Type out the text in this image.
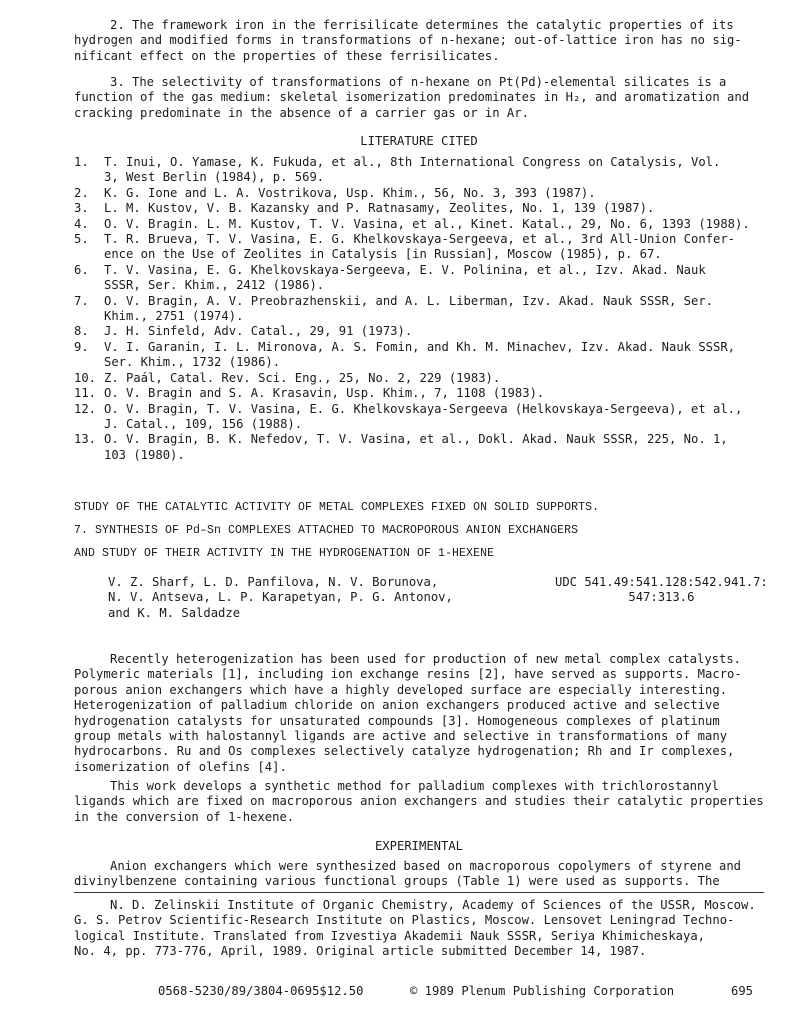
2. The framework iron in the ferrisilicate determines the catalytic properties of its
hydrogen and modified forms in transformations of n-hexane; out-of-lattice iron has no sig-
nificant effect on the properties of these ferrisilicates.

3. The selectivity of transformations of n-hexane on Pt(Pd)-elemental silicates is a
function of the gas medium: skeletal isomerization predominates in H₂, and aromatization and
cracking predominate in the absence of a carrier gas or in Ar.

LITERATURE CITED
1.	T. Inui, O. Yamase, K. Fukuda, et al., 8th International Congress on Catalysis, Vol.
3, West Berlin (1984), p. 569.
2.	K. G. Ione and L. A. Vostrikova, Usp. Khim., 56, No. 3, 393 (1987).
3.	L. M. Kustov, V. B. Kazansky and P. Ratnasamy, Zeolites, No. 1, 139 (1987).
4.	O. V. Bragin. L. M. Kustov, T. V. Vasina, et al., Kinet. Katal., 29, No. 6, 1393 (1988).
5.	T. R. Brueva, T. V. Vasina, E. G. Khelkovskaya-Sergeeva, et al., 3rd All-Union Confer-
ence on the Use of Zeolites in Catalysis [in Russian], Moscow (1985), p. 67.
6.	T. V. Vasina, E. G. Khelkovskaya-Sergeeva, E. V. Polinina, et al., Izv. Akad. Nauk
SSSR, Ser. Khim., 2412 (1986).
7.	O. V. Bragin, A. V. Preobrazhenskii, and A. L. Liberman, Izv. Akad. Nauk SSSR, Ser.
Khim., 2751 (1974).
8.	J. H. Sinfeld, Adv. Catal., 29, 91 (1973).
9.	V. I. Garanin, I. L. Mironova, A. S. Fomin, and Kh. M. Minachev, Izv. Akad. Nauk SSSR,
Ser. Khim., 1732 (1986).
10. Z. Paál, Catal. Rev. Sci. Eng., 25, No. 2, 229 (1983).
11. O. V. Bragin and S. A. Krasavin, Usp. Khim., 7, 1108 (1983).
12. O. V. Bragin, T. V. Vasina, E. G. Khelkovskaya-Sergeeva (Helkovskaya-Sergeeva), et al.,
J. Catal., 109, 156 (1988).
13. O. V. Bragin, B. K. Nefedov, T. V. Vasina, et al., Dokl. Akad. Nauk SSSR, 225, No. 1,
103 (1980).
STUDY OF THE CATALYTIC ACTIVITY OF METAL COMPLEXES FIXED ON SOLID SUPPORTS.
7. SYNTHESIS OF Pd–Sn COMPLEXES ATTACHED TO MACROPOROUS ANION EXCHANGERS
AND STUDY OF THEIR ACTIVITY IN THE HYDROGENATION OF 1-HEXENE

V. Z. Sharf, L. D. Panfilova, N. V. Borunova,
N. V. Antseva, L. P. Karapetyan, P. G. Antonov,
and K. M. Saldadze

UDC 541.49:541.128:542.941.7:
547:313.6

Recently heterogenization has been used for production of new metal complex catalysts.
Polymeric materials [1], including ion exchange resins [2], have served as supports. Macro-
porous anion exchangers which have a highly developed surface are especially interesting.
Heterogenization of palladium chloride on anion exchangers produced active and selective
hydrogenation catalysts for unsaturated compounds [3]. Homogeneous complexes of platinum
group metals with halostannyl ligands are active and selective in transformations of many
hydrocarbons. Ru and Os complexes selectively catalyze hydrogenation; Rh and Ir complexes,
isomerization of olefins [4].

This work develops a synthetic method for palladium complexes with trichlorostannyl
ligands which are fixed on macroporous anion exchangers and studies their catalytic properties
in the conversion of 1-hexene.

EXPERIMENTAL

Anion exchangers which were synthesized based on macroporous copolymers of styrene and
divinylbenzene containing various functional groups (Table 1) were used as supports. The

N. D. Zelinskii Institute of Organic Chemistry, Academy of Sciences of the USSR, Moscow.
G. S. Petrov Scientific-Research Institute on Plastics, Moscow. Lensovet Leningrad Techno-
logical Institute. Translated from Izvestiya Akademii Nauk SSSR, Seriya Khimicheskaya,
No. 4, pp. 773-776, April, 1989. Original article submitted December 14, 1987.

0568-5230/89/3804-0695$12.50	© 1989 Plenum Publishing Corporation	695
